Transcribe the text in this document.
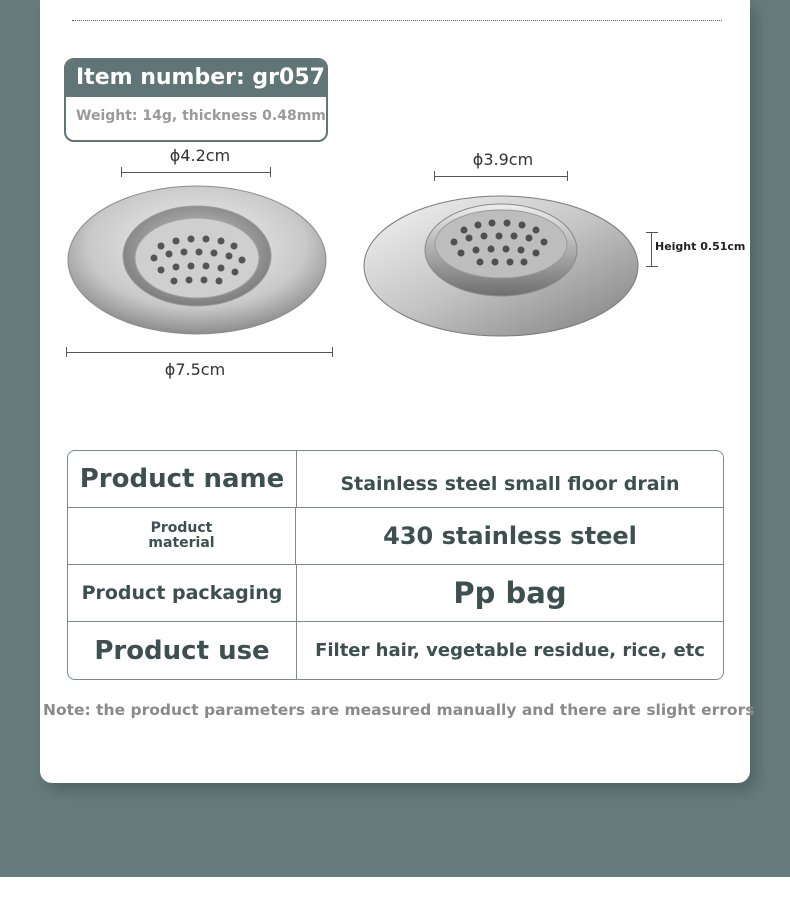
Item number: gr057
Weight: 14g, thickness 0.48mm
ϕ4.2cm
ϕ7.5cm
ϕ3.9cm
Height 0.51cm
Product name	Stainless steel small floor drain
Product material	430 stainless steel
Product packaging	Pp bag
Product use	Filter hair, vegetable residue, rice, etc
Note: the product parameters are measured manually and there are slight errors
